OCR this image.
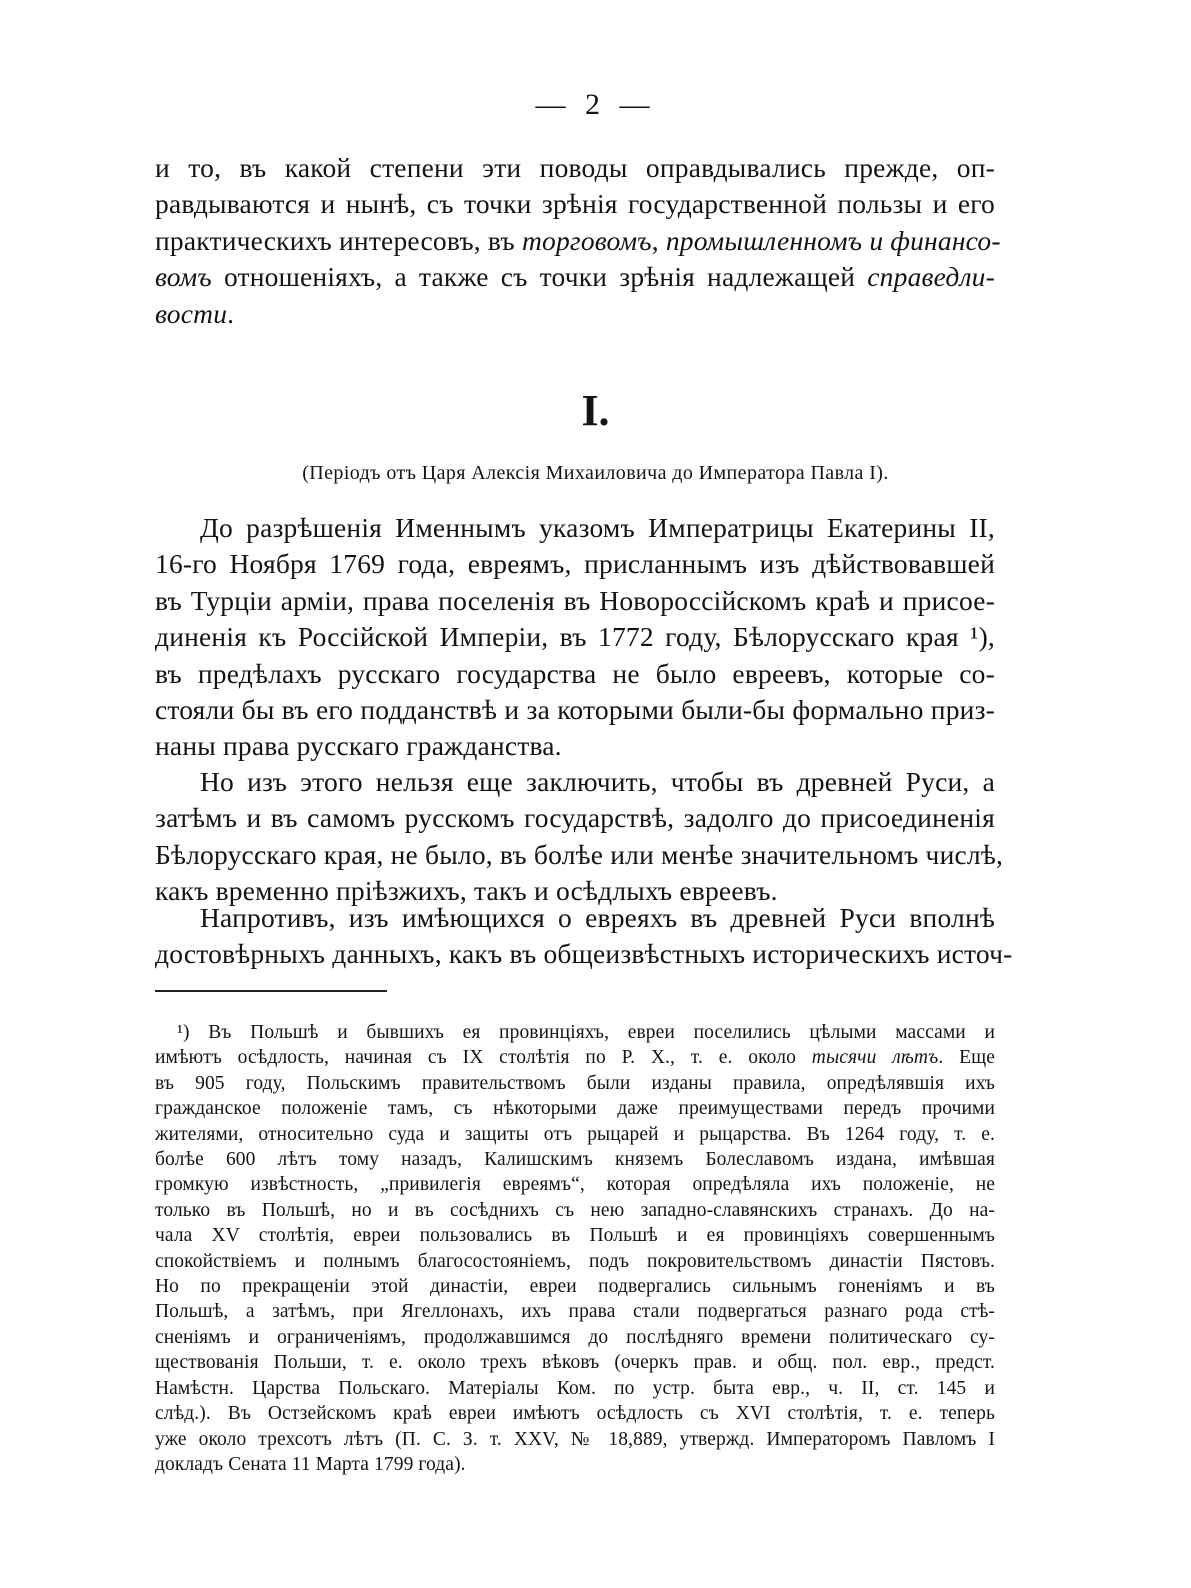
— 2 —
и то, въ какой степени эти поводы оправдывались прежде, оп-
равдываются и нынѣ, съ точки зрѣнія государственной пользы и его
практическихъ интересовъ, въ торговомъ, промышленномъ и финансо-
вомъ отношеніяхъ, а также съ точки зрѣнія надлежащей справедли-
вости.
I.
(Періодъ отъ Царя Алексія Михаиловича до Императора Павла I).
До разрѣшенія Именнымъ указомъ Императрицы Екатерины II,
16-го Ноября 1769 года, евреямъ, присланнымъ изъ дѣйствовавшей
въ Турціи арміи, права поселенія въ Новороссійскомъ краѣ и присое-
диненія къ Россійской Имперіи, въ 1772 году, Бѣлорусскаго края ¹),
въ предѣлахъ русскаго государства не было евреевъ, которые со-
стояли бы въ его подданствѣ и за которыми были-бы формально приз-
наны права русскаго гражданства.
Но изъ этого нельзя еще заключить, чтобы въ древней Руси, а
затѣмъ и въ самомъ русскомъ государствѣ, задолго до присоединенія
Бѣлорусскаго края, не было, въ болѣе или менѣе значительномъ числѣ,
какъ временно пріѣзжихъ, такъ и осѣдлыхъ евреевъ.
Напротивъ, изъ имѣющихся о евреяхъ въ древней Руси вполнѣ
достовѣрныхъ данныхъ, какъ въ общеизвѣстныхъ историческихъ источ-
¹) Въ Польшѣ и бывшихъ ея провинціяхъ, евреи поселились цѣлыми массами и
имѣютъ осѣдлость, начиная съ IX столѣтія по Р. Х., т. е. около тысячи лѣтъ. Еще
въ 905 году, Польскимъ правительствомъ были изданы правила, опредѣлявшія ихъ
гражданское положеніе тамъ, съ нѣкоторыми даже преимуществами передъ прочими
жителями, относительно суда и защиты отъ рыцарей и рыцарства. Въ 1264 году, т. е.
болѣе 600 лѣтъ тому назадъ, Калишскимъ княземъ Болеславомъ издана, имѣвшая
громкую извѣстность, „привилегія евреямъ“, которая опредѣляла ихъ положеніе, не
только въ Польшѣ, но и въ сосѣднихъ съ нею западно-славянскихъ странахъ. До на-
чала XV столѣтія, евреи пользовались въ Польшѣ и ея провинціяхъ совершеннымъ
спокойствіемъ и полнымъ благосостояніемъ, подъ покровительствомъ династіи Пястовъ.
Но по прекращеніи этой династіи, евреи подвергались сильнымъ гоненіямъ и въ
Польшѣ, а затѣмъ, при Ягеллонахъ, ихъ права стали подвергаться разнаго рода стѣ-
сненіямъ и ограниченіямъ, продолжавшимся до послѣдняго времени политическаго су-
ществованія Польши, т. е. около трехъ вѣковъ (очеркъ прав. и общ. пол. евр., предст.
Намѣстн. Царства Польскаго. Матеріалы Ком. по устр. быта евр., ч. II, ст. 145 и
слѣд.). Въ Остзейскомъ краѣ евреи имѣютъ осѣдлость съ XVI столѣтія, т. е. теперь
уже около трехсотъ лѣтъ (П. С. З. т. XXV, № 18,889, утвержд. Императоромъ Павломъ I
докладъ Сената 11 Марта 1799 года).
